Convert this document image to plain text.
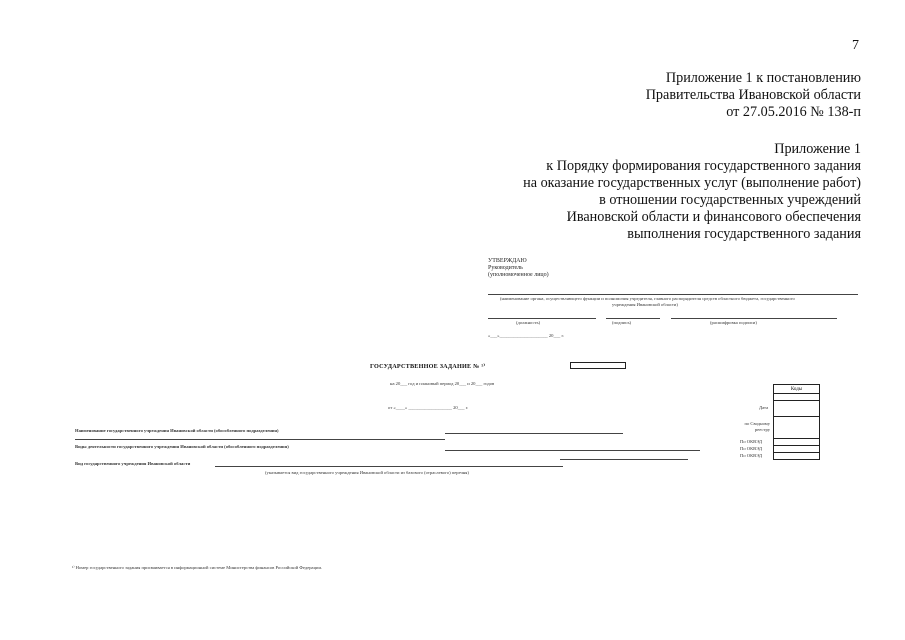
7
Приложение 1 к постановлению
Правительства Ивановской области
от 27.05.2016 № 138-п
Приложение 1
к Порядку формирования государственного задания
на оказание государственных услуг (выполнение работ)
в отношении государственных учреждений
Ивановской области и финансового обеспечения
выполнения государственного задания
УТВЕРЖДАЮ
Руководитель
(уполномоченное лицо)
(наименование органа, осуществляющего функции и полномочия учредителя, главного распорядителя средств областного бюджета, государственного
учреждения Ивановской области)
(должность)	(подпись)	(расшифровка подписи)
«___»_____________________ 20___ г.
ГОСУДАРСТВЕННОЕ ЗАДАНИЕ № ¹⁾
на 20___ год и плановый период 20___ и 20___ годов
от «____» ___________________ 20___ г.
Коды
Дата
по Сводному реестру
По ОКВЭД
По ОКВЭД
По ОКВЭД
Наименование государственного учреждения Ивановской области (обособленного подразделения)
Виды деятельности государственного учреждения Ивановской области (обособленного подразделения)
Вид государственного учреждения Ивановской области
(указывается вид государственного учреждения Ивановской области из базового (отраслевого) перечня)
¹⁾ Номер государственного задания присваивается в информационной системе Министерства финансов Российской Федерации.
